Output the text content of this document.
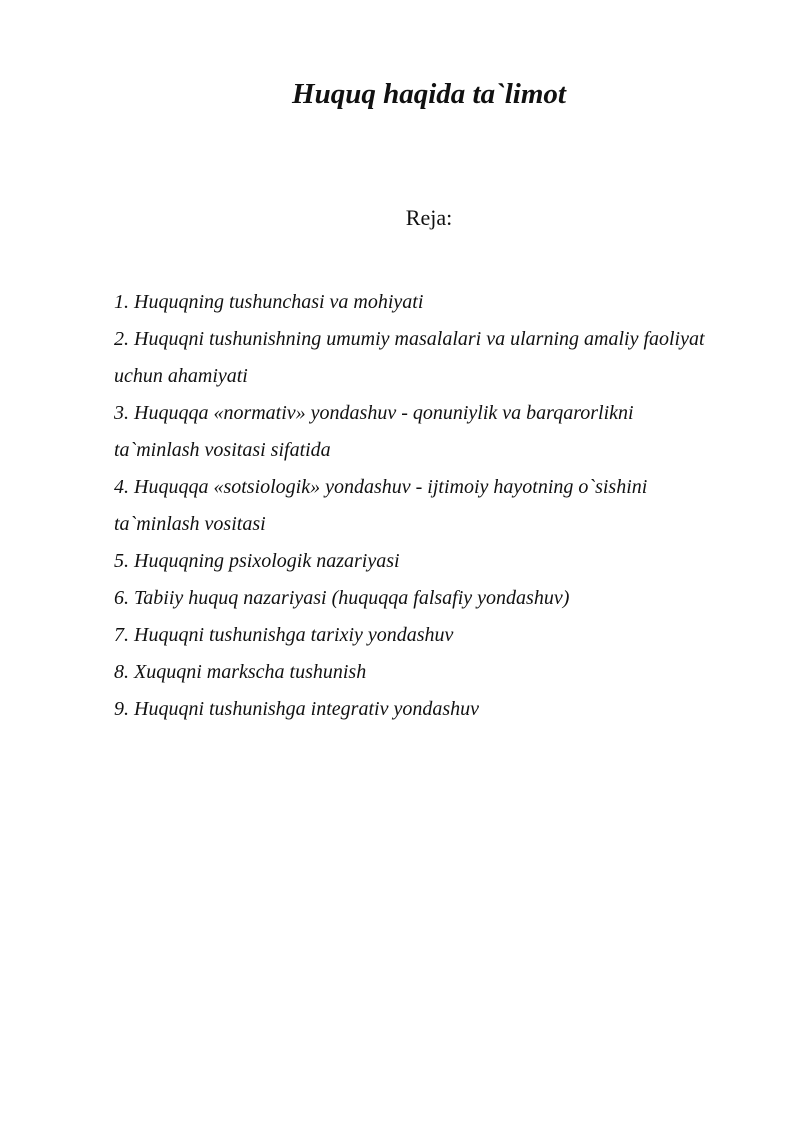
Huquq haqida ta`limot
Reja:
1. Huquqning tushunchasi va mohiyati
2. Huquqni tushunishning umumiy masalalari va ularning amaliy faoliyat uchun ahamiyati
3. Huquqqa «normativ» yondashuv - qonuniylik va barqarorlikni ta`minlash vositasi sifatida
4. Huquqqa «sotsiologik» yondashuv - ijtimoiy hayotning o`sishini ta`minlash vositasi
5. Huquqning psixologik nazariyasi
6. Tabiiy huquq nazariyasi (huquqqa falsafiy yondashuv)
7. Huquqni tushunishga tarixiy yondashuv
8. Xuquqni markscha tushunish
9. Huquqni tushunishga integrativ yondashuv
